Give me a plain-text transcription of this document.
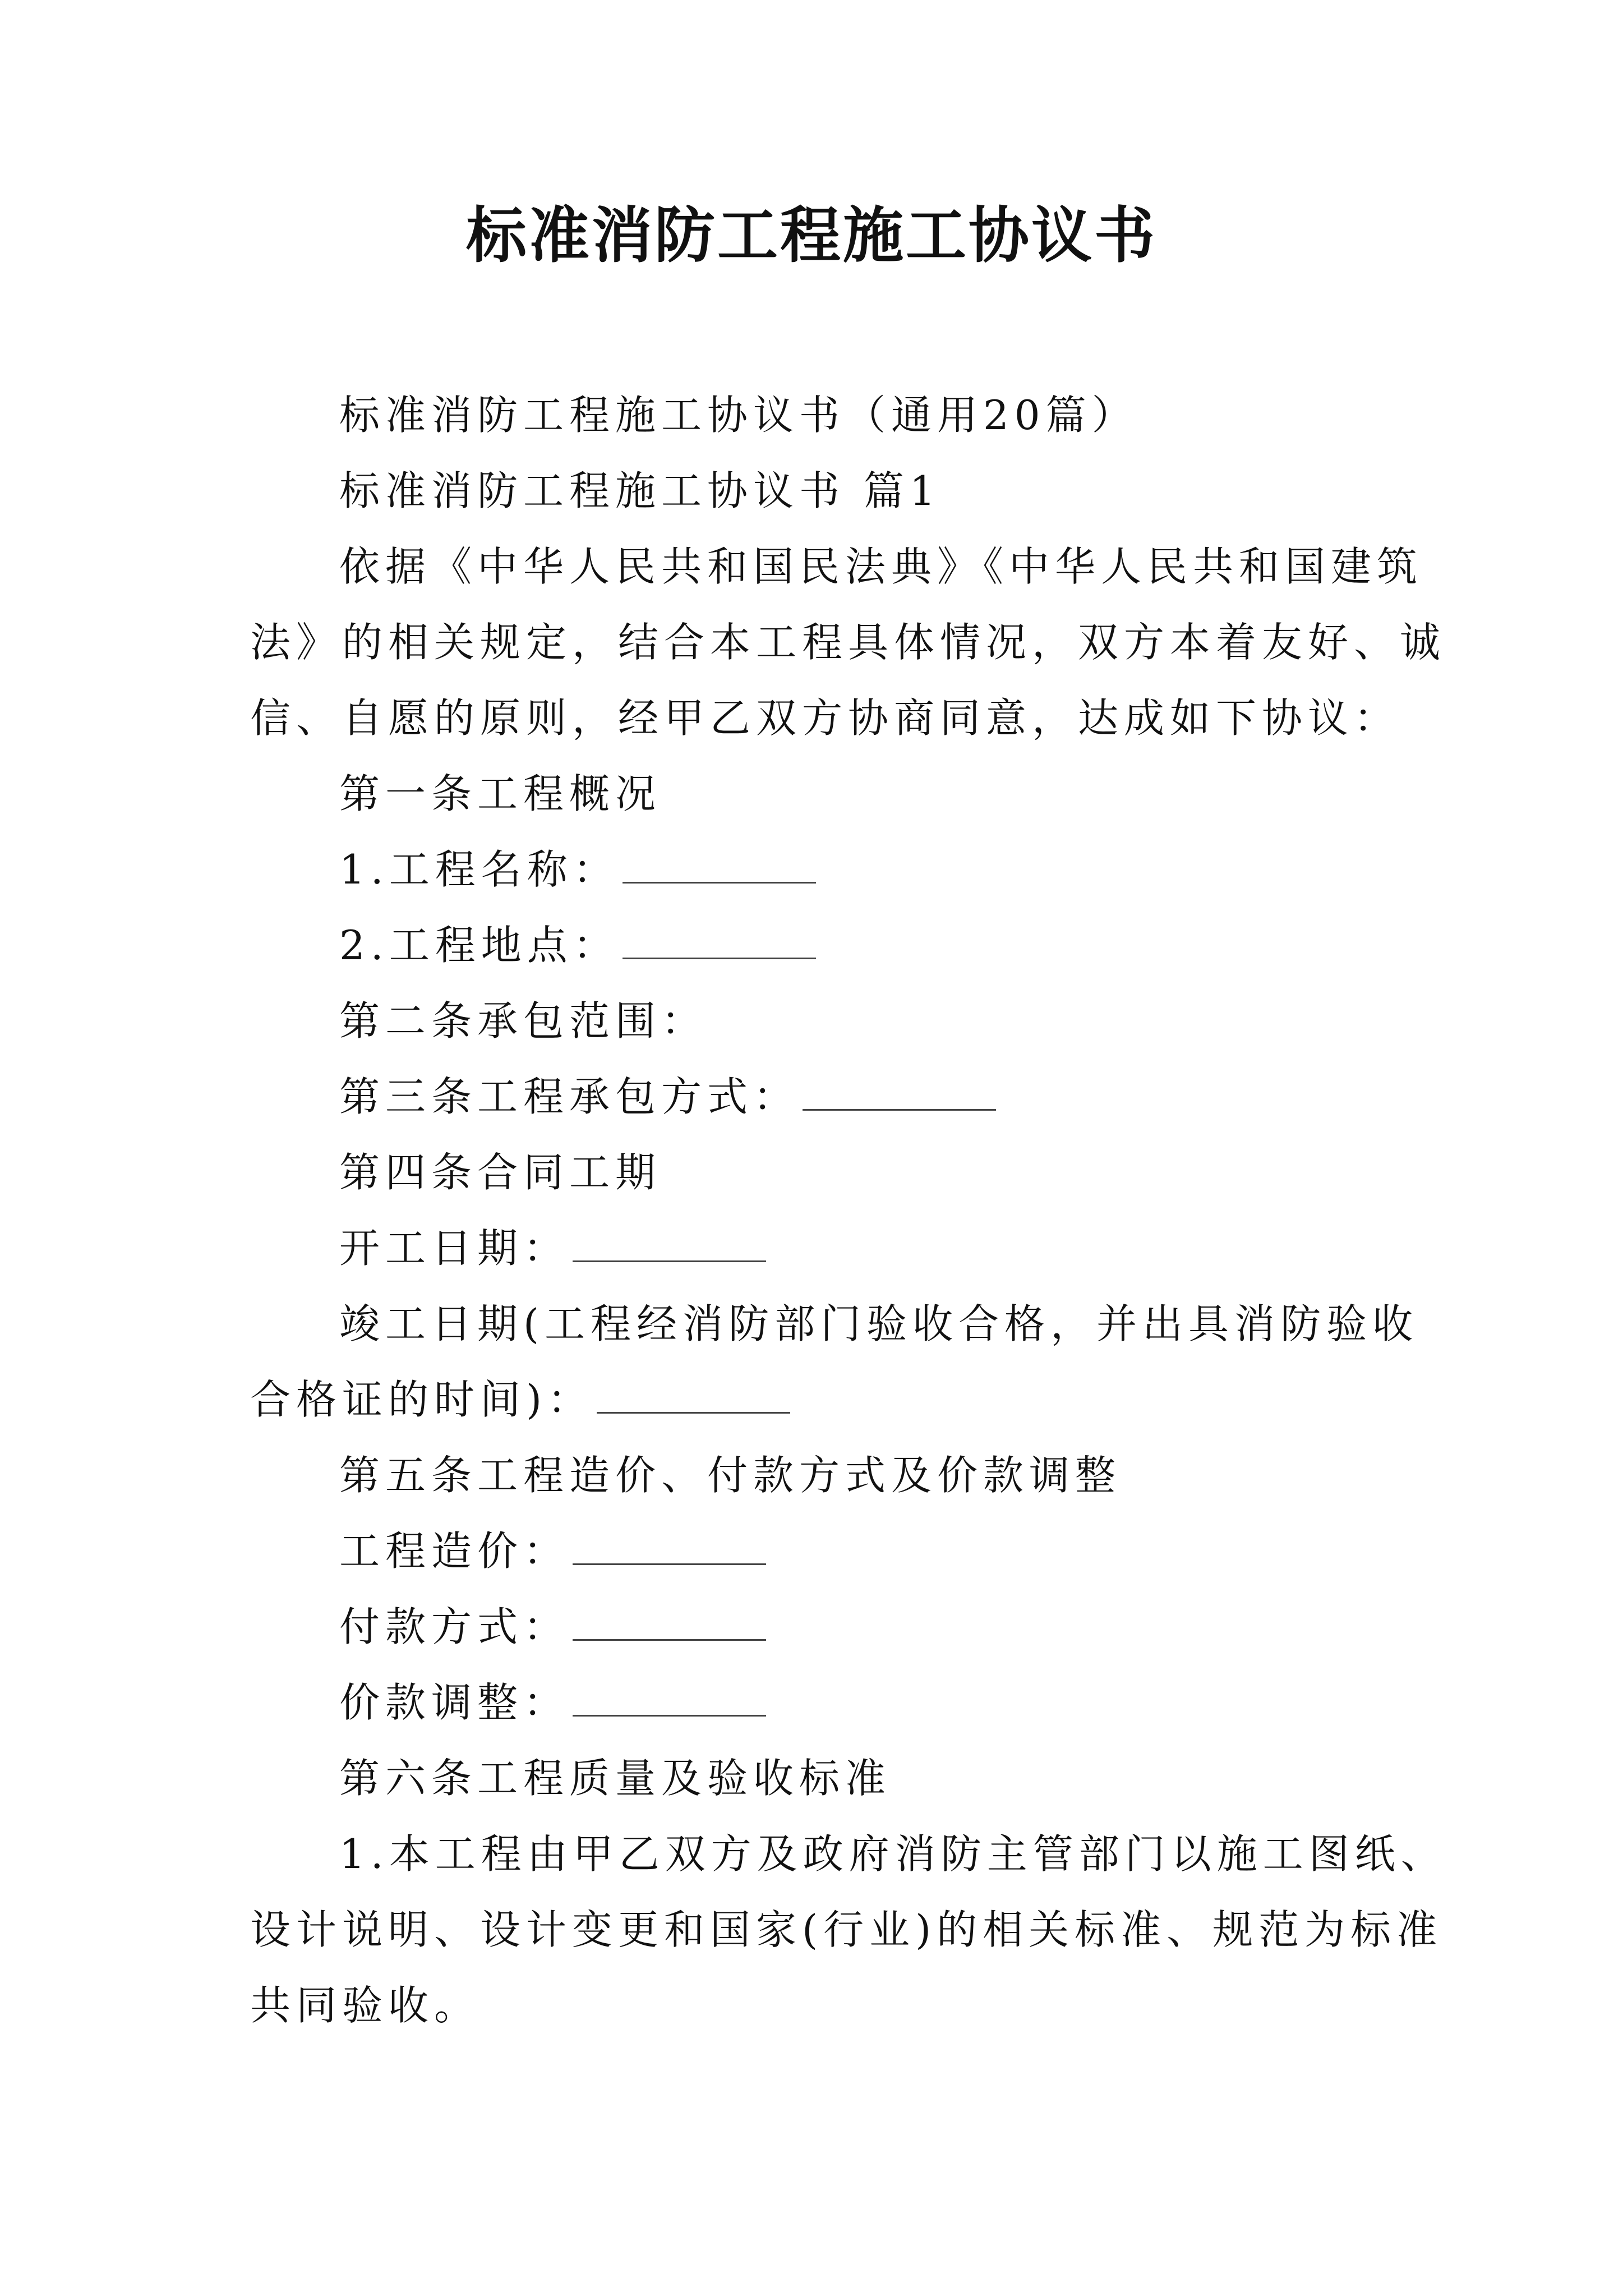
标准消防工程施工协议书
标准消防工程施工协议书（通用20篇）
标准消防工程施工协议书 篇1
依据《中华人民共和国民法典》《中华人民共和国建筑
法》的相关规定，结合本工程具体情况，双方本着友好、诚
信、自愿的原则，经甲乙双方协商同意，达成如下协议：
第一条工程概况
1.工程名称：
2.工程地点：
第二条承包范围：
第三条工程承包方式：
第四条合同工期
开工日期：
竣工日期(工程经消防部门验收合格，并出具消防验收
合格证的时间)：
第五条工程造价、付款方式及价款调整
工程造价：
付款方式：
价款调整：
第六条工程质量及验收标准
1.本工程由甲乙双方及政府消防主管部门以施工图纸、
设计说明、设计变更和国家(行业)的相关标准、规范为标准
共同验收。
